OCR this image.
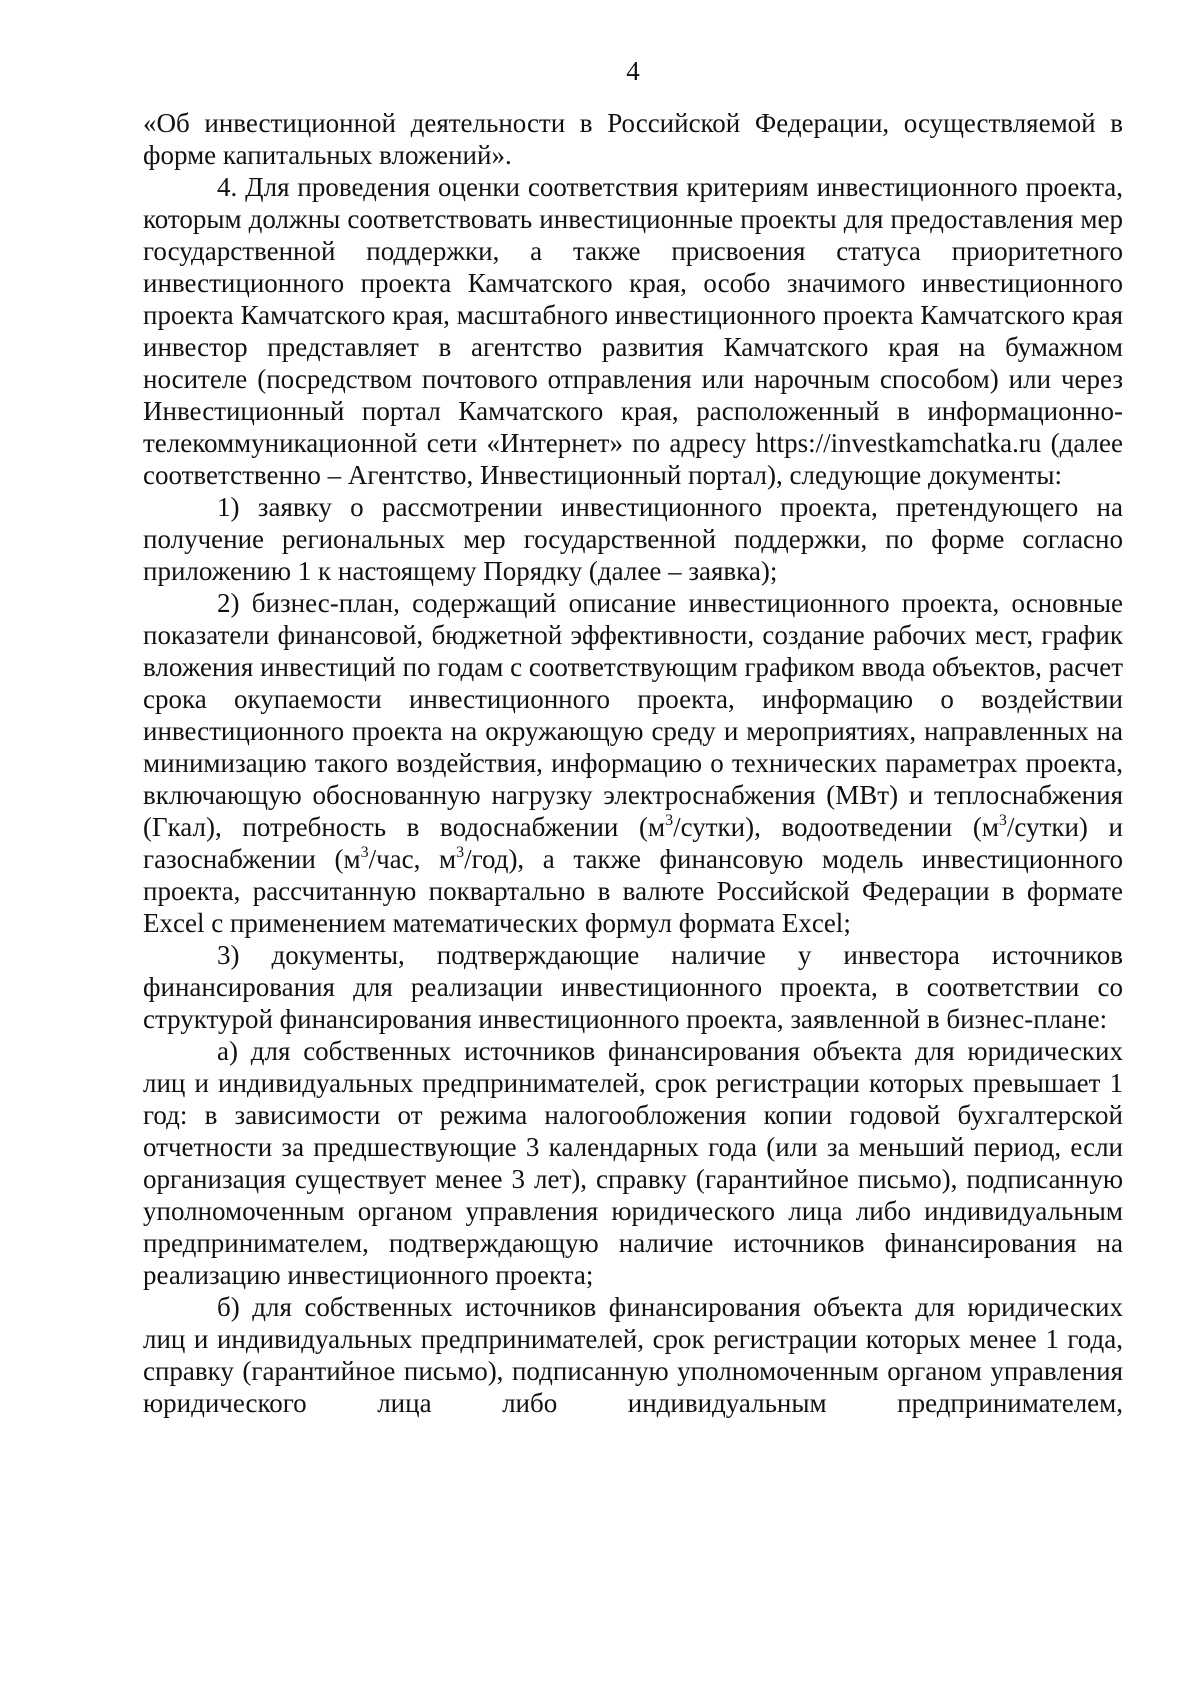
4

«Об инвестиционной деятельности в Российской Федерации, осуществляемой в форме капитальных вложений».

4. Для проведения оценки соответствия критериям инвестиционного проекта, которым должны соответствовать инвестиционные проекты для предоставления мер государственной поддержки, а также присвоения статуса приоритетного инвестиционного проекта Камчатского края, особо значимого инвестиционного проекта Камчатского края, масштабного инвестиционного проекта Камчатского края инвестор представляет в агентство развития Камчатского края на бумажном носителе (посредством почтового отправления или нарочным способом) или через Инвестиционный портал Камчатского края, расположенный в информационно-телекоммуникационной сети «Интернет» по адресу https://investkamchatka.ru (далее соответственно – Агентство, Инвестиционный портал), следующие документы:

1) заявку о рассмотрении инвестиционного проекта, претендующего на получение региональных мер государственной поддержки, по форме согласно приложению 1 к настоящему Порядку (далее – заявка);

2) бизнес-план, содержащий описание инвестиционного проекта, основные показатели финансовой, бюджетной эффективности, создание рабочих мест, график вложения инвестиций по годам с соответствующим графиком ввода объектов, расчет срока окупаемости инвестиционного проекта, информацию о воздействии инвестиционного проекта на окружающую среду и мероприятиях, направленных на минимизацию такого воздействия, информацию о технических параметрах проекта, включающую обоснованную нагрузку электроснабжения (МВт) и теплоснабжения (Гкал), потребность в водоснабжении $(м^3/сутки)$, водоотведении $(м^3/сутки)$ и газоснабжении ($м^3$/час, $м^3/год$), а также финансовую модель инвестиционного проекта, рассчитанную поквартально в валюте Российской Федерации в формате Excel с применением математических формул формата Excel;

3) документы, подтверждающие наличие у инвестора источников финансирования для реализации инвестиционного проекта, в соответствии со структурой финансирования инвестиционного проекта, заявленной в бизнес-плане:

а) для собственных источников финансирования объекта для юридических лиц и индивидуальных предпринимателей, срок регистрации которых превышает 1 год: в зависимости от режима налогообложения копии годовой бухгалтерской отчетности за предшествующие 3 календарных года (или за меньший период, если организация существует менее 3 лет), справку (гарантийное письмо), подписанную уполномоченным органом управления юридического лица либо индивидуальным предпринимателем, подтверждающую наличие источников финансирования на реализацию инвестиционного проекта;

б) для собственных источников финансирования объекта для юридических лиц и индивидуальных предпринимателей, срок регистрации которых менее 1 года, справку (гарантийное письмо), подписанную уполномоченным органом управления юридического лица либо индивидуальным предпринимателем,
